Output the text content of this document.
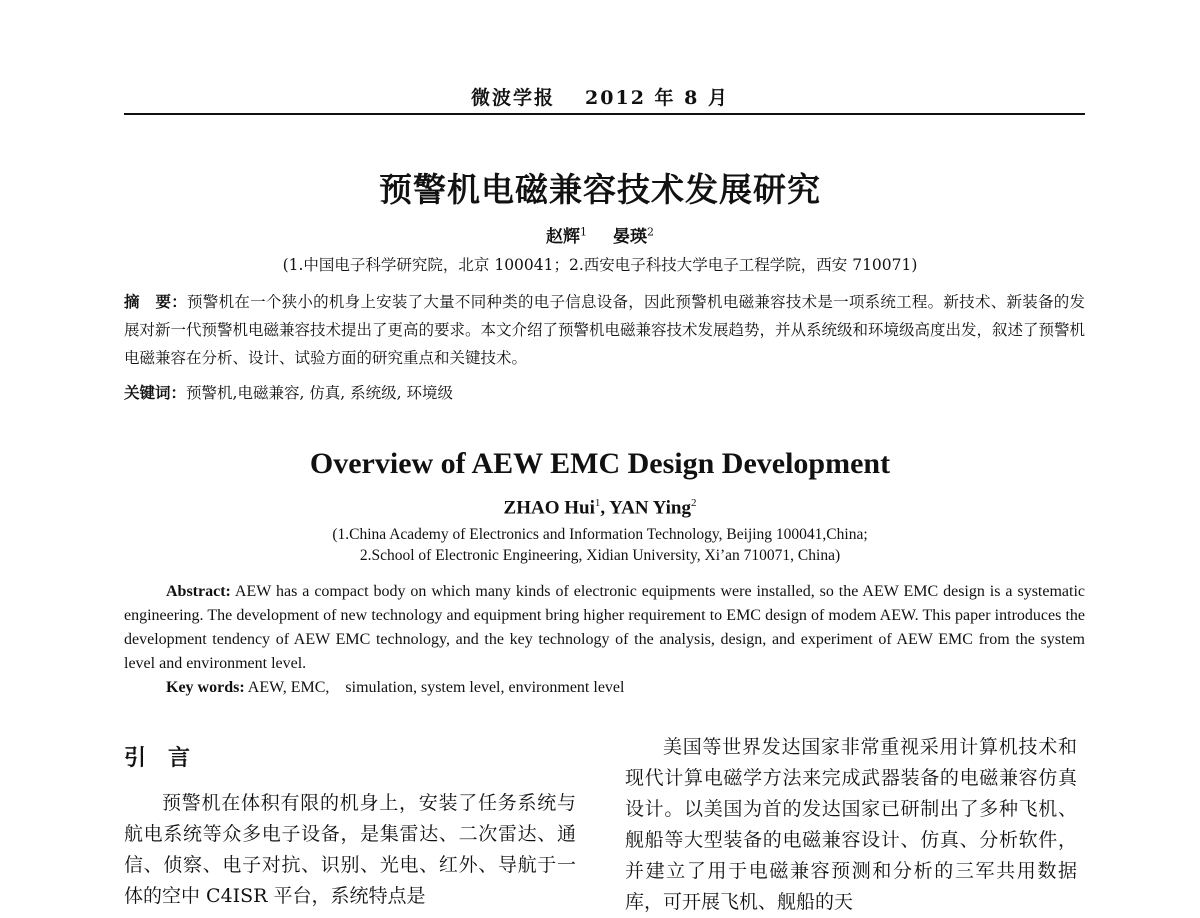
微波学报 2012 年 8 月
预警机电磁兼容技术发展研究
赵辉$^1$ 晏瑛$^2$
(1.中国电子科学研究院，北京 100041；2.西安电子科技大学电子工程学院，西安 710071)
摘　要：预警机在一个狭小的机身上安装了大量不同种类的电子信息设备，因此预警机电磁兼容技术是一项系统工程。新技术、新装备的发展对新一代预警机电磁兼容技术提出了更高的要求。本文介绍了预警机电磁兼容技术发展趋势，并从系统级和环境级高度出发，叙述了预警机电磁兼容在分析、设计、试验方面的研究重点和关键技术。
关键词：预警机,电磁兼容, 仿真, 系统级, 环境级
Overview of AEW EMC Design Development
ZHAO Hui$^1$, YAN Ying$^2$
(1.China Academy of Electronics and Information Technology, Beijing 100041,China;
2.School of Electronic Engineering, Xidian University, Xi’an 710071, China)
Abstract: AEW has a compact body on which many kinds of electronic equipments were installed, so the AEW EMC design is a systematic engineering. The development of new technology and equipment bring higher requirement to EMC design of modem AEW. This paper introduces the development tendency of AEW EMC technology, and the key technology of the analysis, design, and experiment of AEW EMC from the system level and environment level.
Key words: AEW, EMC,    simulation, system level, environment level
引　言
预警机在体积有限的机身上，安装了任务系统与航电系统等众多电子设备，是集雷达、二次雷达、通信、侦察、电子对抗、识别、光电、红外、导航于一体的空中 C4ISR 平台，系统特点是
美国等世界发达国家非常重视采用计算机技术和现代计算电磁学方法来完成武器装备的电磁兼容仿真设计。以美国为首的发达国家已研制出了多种飞机、舰船等大型装备的电磁兼容设计、仿真、分析软件，并建立了用于电磁兼容预测和分析的三军共用数据库，可开展飞机、舰船的天
